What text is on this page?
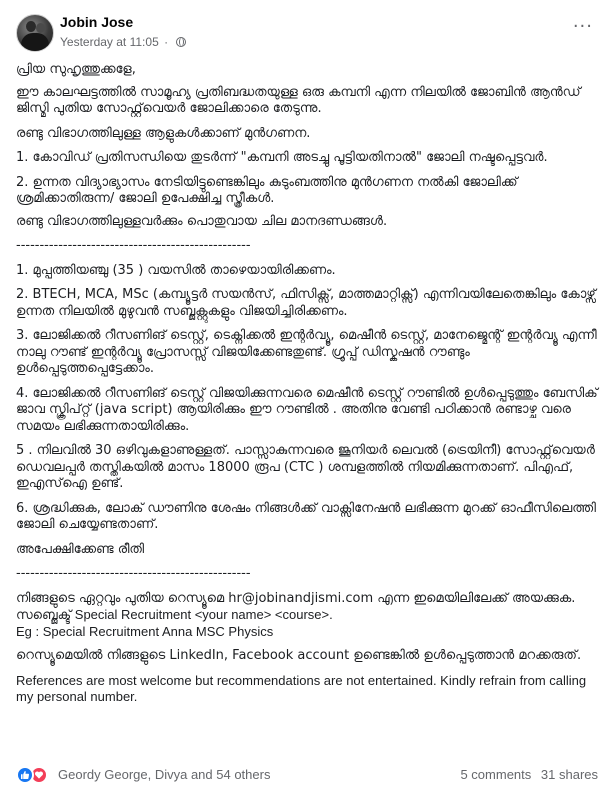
Jobin Jose
Yesterday at 11:05 ·
···

പ്രിയ സുഹൃത്തുക്കളേ,

ഈ കാലഘട്ടത്തിൽ സാമൂഹ്യ പ്രതിബദ്ധതയുള്ള ഒരു കമ്പനി എന്ന നിലയിൽ ജോബിൻ ആൻഡ് ജിസ്മി പുതിയ സോഫ്റ്റ്‌വെയർ ജോലിക്കാരെ തേടുന്നു.

രണ്ടു വിഭാഗത്തിലുള്ള ആളുകൾക്കാണ് മുൻഗണന.

1. കോവിഡ് പ്രതിസന്ധിയെ തുടർന്ന് "കമ്പനി അടച്ചു പൂട്ടിയതിനാൽ" ജോലി നഷ്ടപ്പെട്ടവർ.

2. ഉന്നത വിദ്യാഭ്യാസം നേടിയിട്ടുണ്ടെങ്കിലും കുടുംബത്തിനു മുൻഗണന നൽകി ജോലിക്ക് ശ്രമിക്കാതിരുന്ന/ ജോലി ഉപേക്ഷിച്ച സ്ത്രീകൾ.

രണ്ടു വിഭാഗത്തിലുള്ളവർക്കും പൊതുവായ ചില മാനദണ്ഡങ്ങൾ.

--------------------------------------------------

1. മുപ്പത്തിയഞ്ചു (35 ) വയസിൽ താഴെയായിരിക്കണം.

2. BTECH, MCA, MSc (കമ്പ്യൂട്ടർ സയൻസ്, ഫിസിക്സ്, മാത്തമാറ്റിക്സ്) എന്നിവയിലേതെങ്കിലും കോഴ്സ് ഉന്നത നിലയിൽ മുഴുവൻ സബ്ജക്റ്റുകളും വിജയിച്ചിരിക്കണം.

3. ലോജിക്കൽ റീസണിങ് ടെസ്റ്റ്, ടെക്നിക്കൽ ഇന്റർവ്യൂ, മെഷീൻ ടെസ്റ്റ്, മാനേജ്മെന്റ് ഇന്റർവ്യൂ എന്നീ നാലു റൗണ്ട് ഇന്റർവ്യൂ പ്രോസസ്സ് വിജയിക്കേണ്ടതുണ്ട്. ഗ്രൂപ്പ് ഡിസ്കഷൻ റൗണ്ടും ഉൾപ്പെടുത്തപ്പെട്ടേക്കാം.

4. ലോജിക്കൽ റീസണിങ് ടെസ്റ്റ് വിജയിക്കുന്നവരെ മെഷീൻ ടെസ്റ്റ് റൗണ്ടിൽ ഉൾപ്പെടുത്തും ബേസിക് ജാവ സ്ക്രിപ്റ്റ് (java script) ആയിരിക്കും ഈ റൗണ്ടിൽ . അതിനു വേണ്ടി പഠിക്കാൻ രണ്ടാഴ്ച വരെ സമയം ലഭിക്കുന്നതായിരിക്കും.

5 . നിലവിൽ 30 ഒഴിവുകളാണുള്ളത്. പാസ്സാകുന്നവരെ ജൂനിയർ ലെവൽ (ട്രെയിനീ) സോഫ്റ്റ്‌വെയർ ഡെവലപ്പർ തസ്തികയിൽ മാസം 18000 രൂപ (CTC ) ശമ്പളത്തിൽ നിയമിക്കുന്നതാണ്. പിഎഫ്, ഇഎസ്ഐ ഉണ്ട്.

6. ശ്രദ്ധിക്കുക, ലോക് ഡൗണിനു ശേഷം നിങ്ങൾക്ക് വാക്സിനേഷൻ ലഭിക്കുന്ന മുറക്ക് ഓഫീസിലെത്തി ജോലി ചെയ്യേണ്ടതാണ്.

അപേക്ഷിക്കേണ്ട രീതി

--------------------------------------------------

നിങ്ങളുടെ ഏറ്റവും പുതിയ റെസ്യൂമെ hr@jobinandjismi.com എന്ന ഇമെയിലിലേക്ക് അയക്കുക.

സബ്ജെക്ട് Special Recruitment <your name> <course>.

Eg : Special Recruitment Anna MSC Physics

റെസ്യൂമെയിൽ നിങ്ങളുടെ LinkedIn, Facebook account ഉണ്ടെങ്കിൽ ഉൾപ്പെടുത്താൻ മറക്കരുത്.

References are most welcome but recommendations are not entertained. Kindly refrain from calling my personal number.

Geordy George, Divya and 54 others	5 comments 31 shares
